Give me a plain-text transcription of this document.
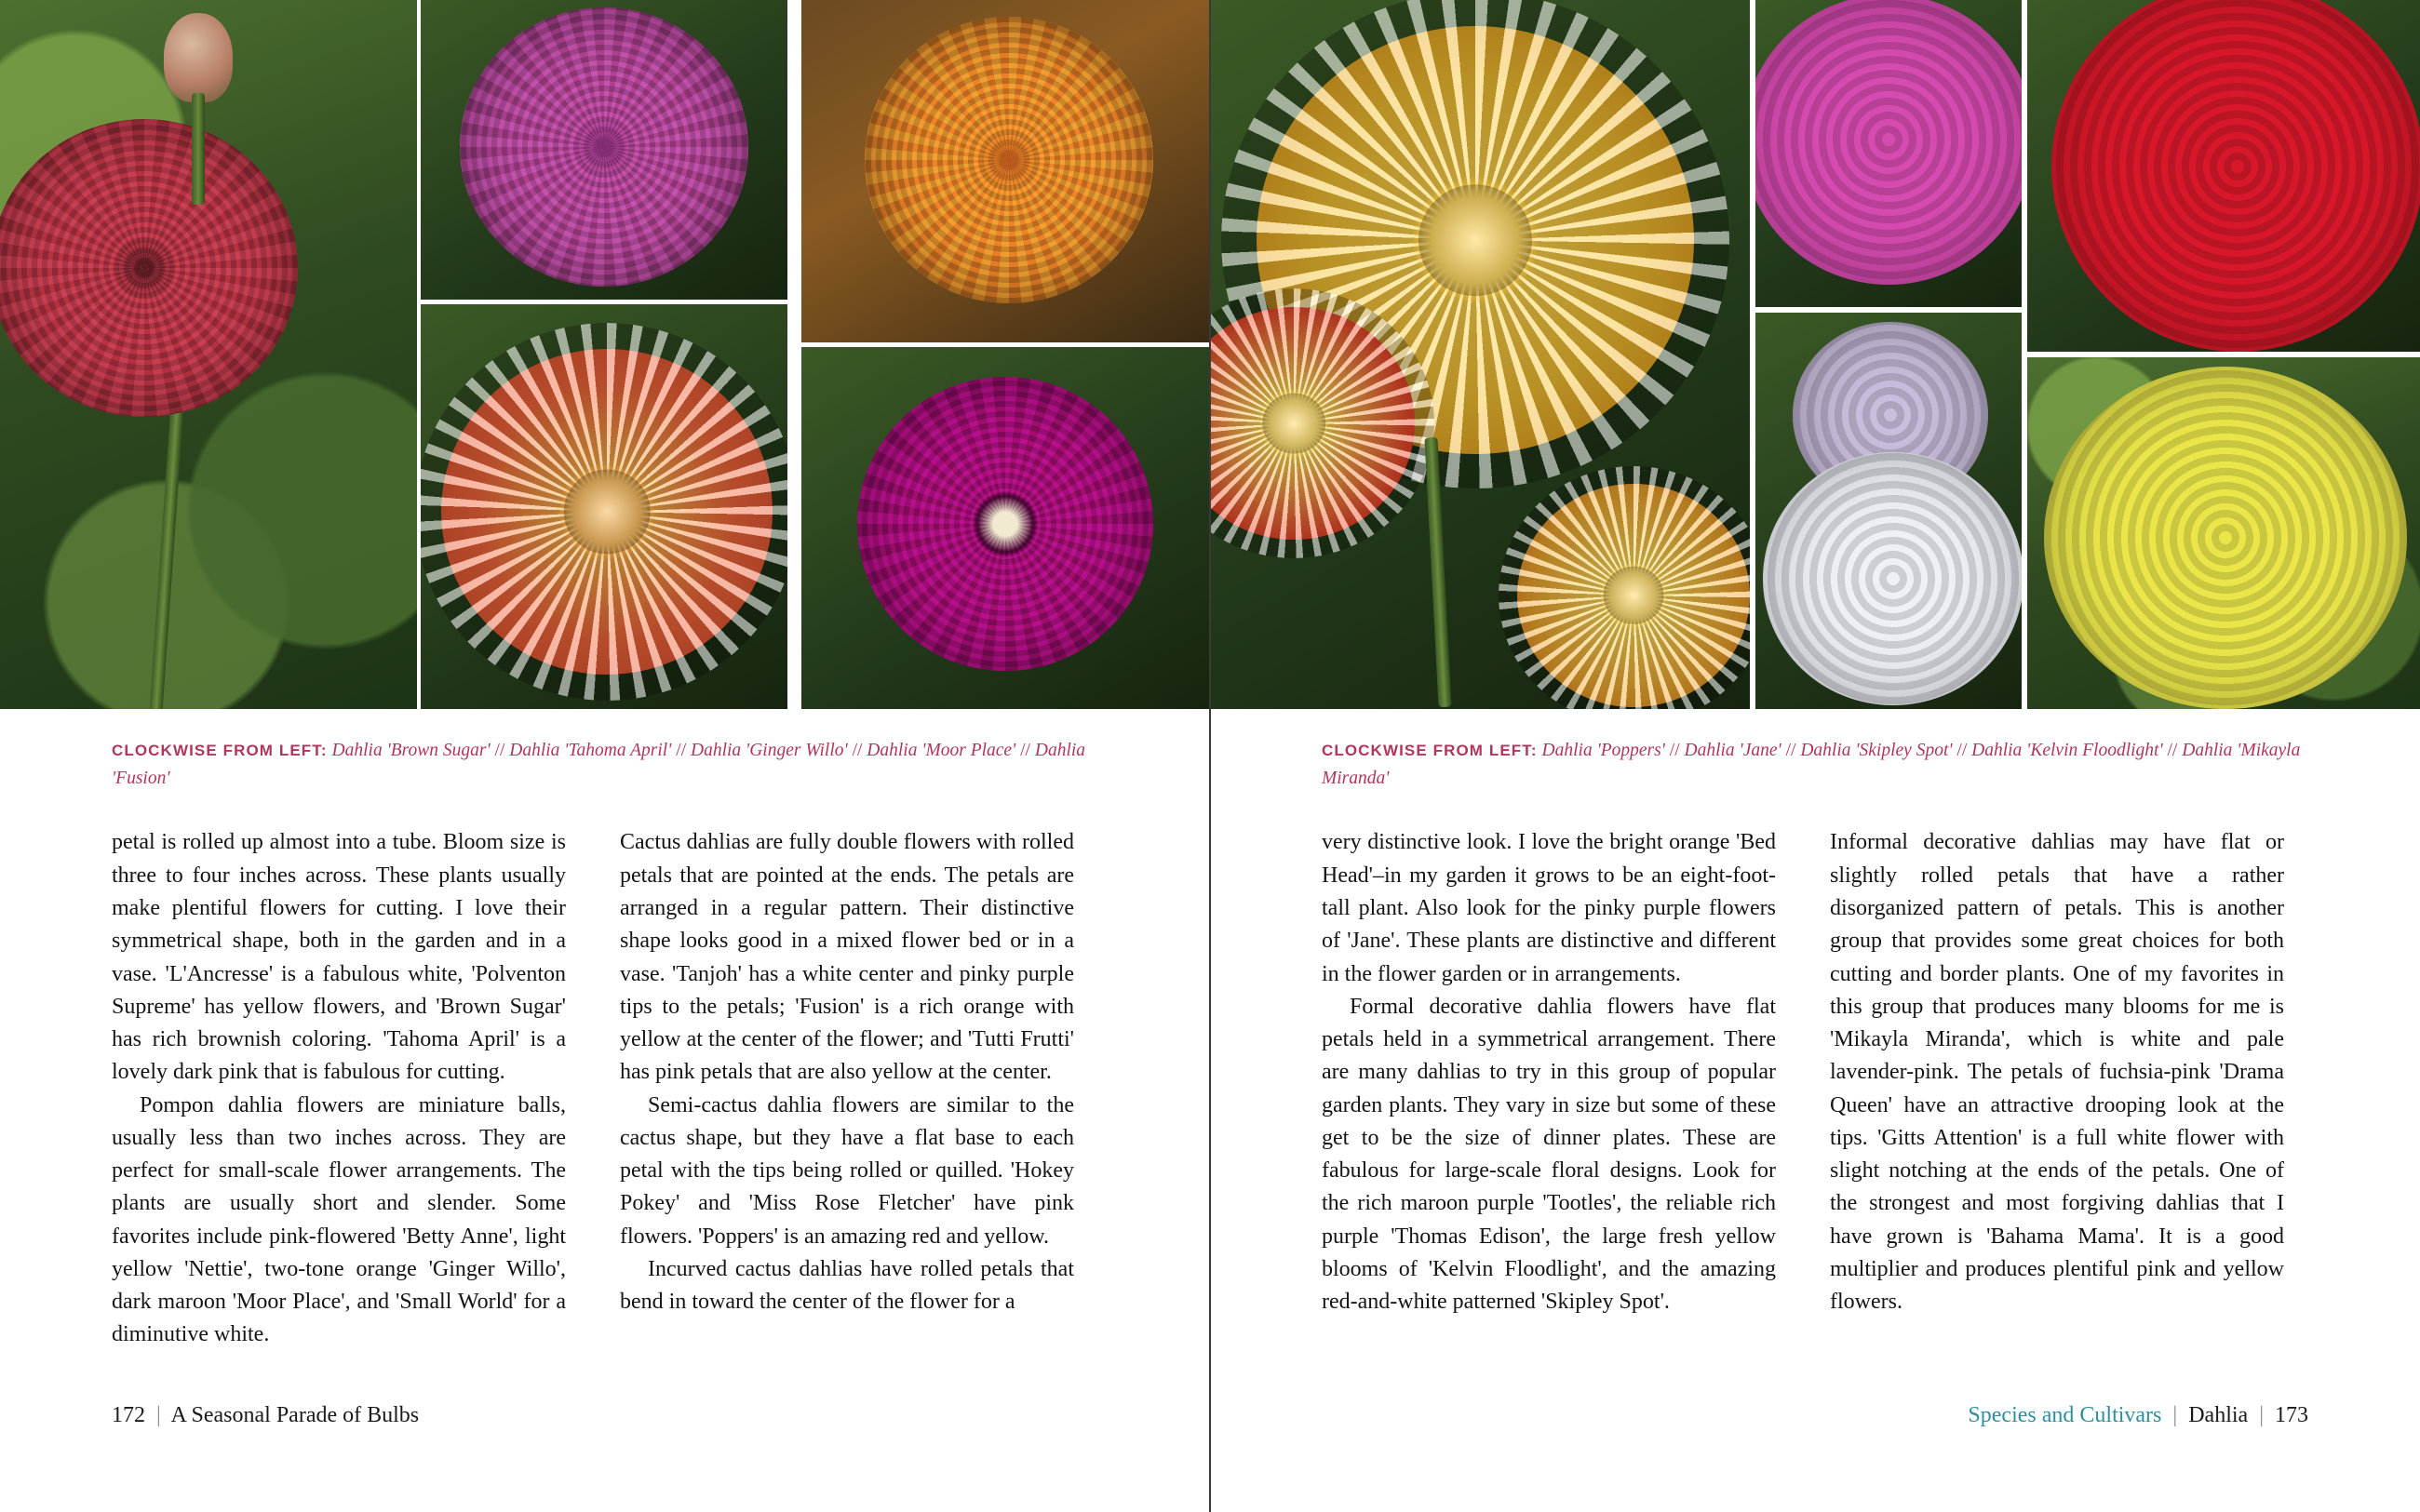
CLOCKWISE FROM LEFT: Dahlia 'Brown Sugar' // Dahlia 'Tahoma April' // Dahlia 'Ginger Willo' // Dahlia 'Moor Place' // Dahlia 'Fusion'

petal is rolled up almost into a tube. Bloom size is three to four inches across. These plants usually make plentiful flowers for cutting. I love their symmetrical shape, both in the garden and in a vase. 'L'Ancresse' is a fabulous white, 'Polventon Supreme' has yellow flowers, and 'Brown Sugar' has rich brownish coloring. 'Tahoma April' is a lovely dark pink that is fabulous for cutting.

Pompon dahlia flowers are miniature balls, usually less than two inches across. They are perfect for small-scale flower arrangements. The plants are usually short and slender. Some favorites include pink-flowered 'Betty Anne', light yellow 'Nettie', two-tone orange 'Ginger Willo', dark maroon 'Moor Place', and 'Small World' for a diminutive white.

Cactus dahlias are fully double flowers with rolled petals that are pointed at the ends. The petals are arranged in a regular pattern. Their distinctive shape looks good in a mixed flower bed or in a vase. 'Tanjoh' has a white center and pinky purple tips to the petals; 'Fusion' is a rich orange with yellow at the center of the flower; and 'Tutti Frutti' has pink petals that are also yellow at the center.

Semi-cactus dahlia flowers are similar to the cactus shape, but they have a flat base to each petal with the tips being rolled or quilled. 'Hokey Pokey' and 'Miss Rose Fletcher' have pink flowers. 'Poppers' is an amazing red and yellow.

Incurved cactus dahlias have rolled petals that bend in toward the center of the flower for a

172 | A Seasonal Parade of Bulbs
CLOCKWISE FROM LEFT: Dahlia 'Poppers' // Dahlia 'Jane' // Dahlia 'Skipley Spot' // Dahlia 'Kelvin Floodlight' // Dahlia 'Mikayla Miranda'

very distinctive look. I love the bright orange 'Bed Head'–in my garden it grows to be an eight-foot-tall plant. Also look for the pinky purple flowers of 'Jane'. These plants are distinctive and different in the flower garden or in arrangements.

Formal decorative dahlia flowers have flat petals held in a symmetrical arrangement. There are many dahlias to try in this group of popular garden plants. They vary in size but some of these get to be the size of dinner plates. These are fabulous for large-scale floral designs. Look for the rich maroon purple 'Tootles', the reliable rich purple 'Thomas Edison', the large fresh yellow blooms of 'Kelvin Floodlight', and the amazing red-and-white patterned 'Skipley Spot'.

Informal decorative dahlias may have flat or slightly rolled petals that have a rather disorganized pattern of petals. This is another group that provides some great choices for both cutting and border plants. One of my favorites in this group that produces many blooms for me is 'Mikayla Miranda', which is white and pale lavender-pink. The petals of fuchsia-pink 'Drama Queen' have an attractive drooping look at the tips. 'Gitts Attention' is a full white flower with slight notching at the ends of the petals. One of the strongest and most forgiving dahlias that I have grown is 'Bahama Mama'. It is a good multiplier and produces plentiful pink and yellow flowers.

Species and Cultivars | Dahlia | 173
